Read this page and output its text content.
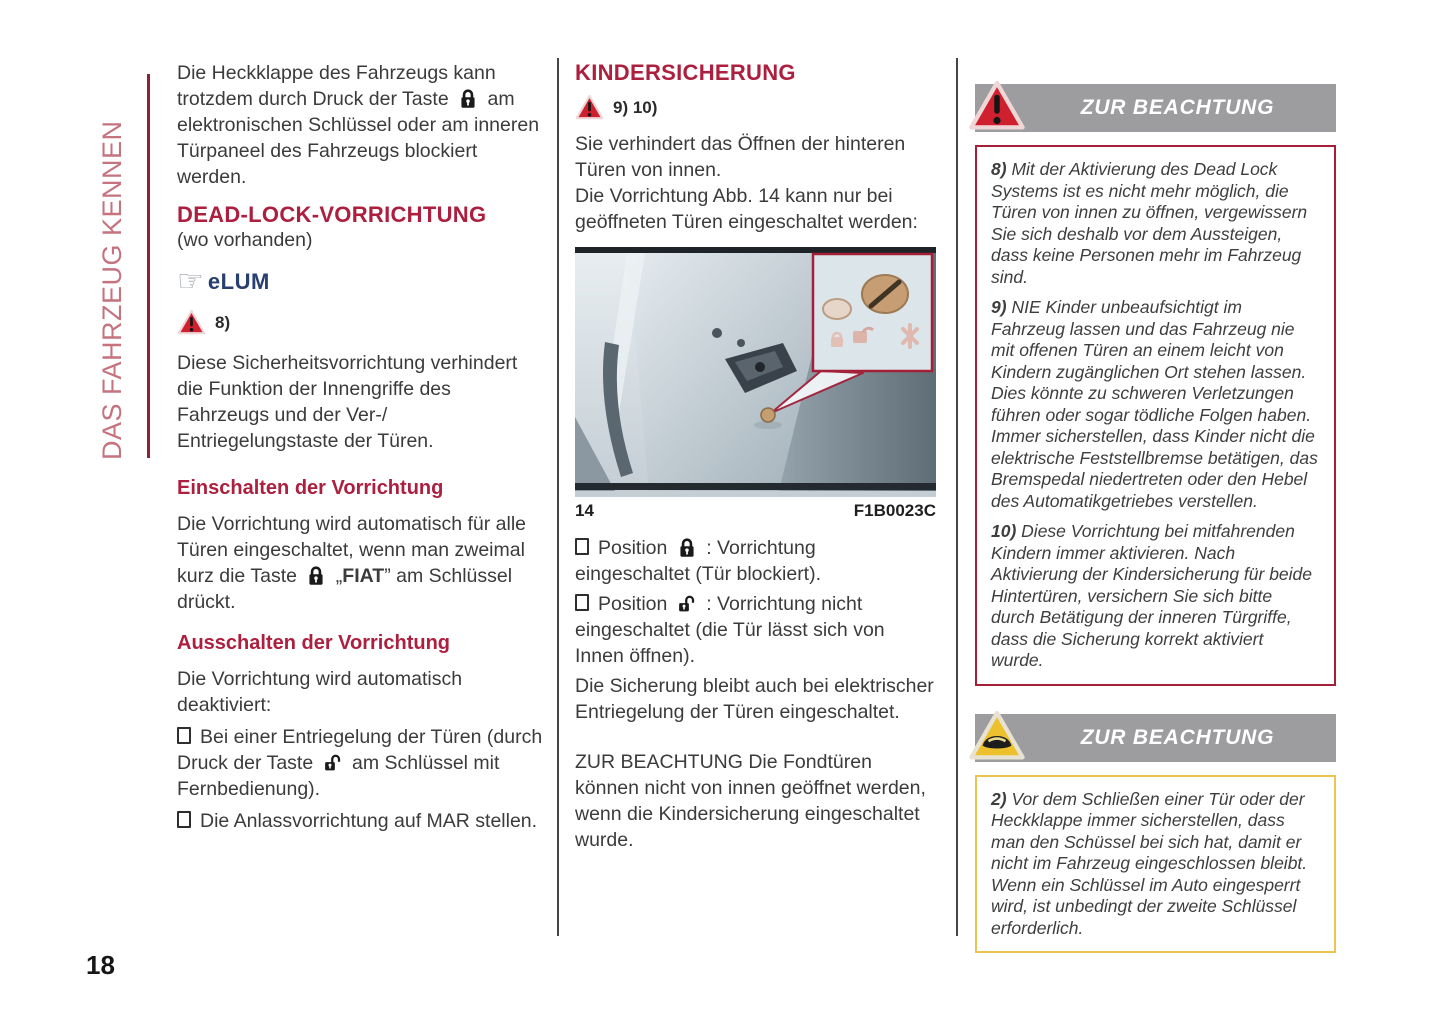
DAS FAHRZEUG KENNEN

Die Heckklappe des Fahrzeugs kann trotzdem durch Druck der Taste am elektronischen Schlüssel oder am inneren Türpaneel des Fahrzeugs blockiert werden.

DEAD-LOCK-VORRICHTUNG

(wo vorhanden)

☞ eLUM
8)

Diese Sicherheitsvorrichtung verhindert die Funktion der Innengriffe des Fahrzeugs und der Ver-/ Entriegelungstaste der Türen.

Einschalten der Vorrichtung

Die Vorrichtung wird automatisch für alle Türen eingeschaltet, wenn man zweimal kurz die Taste „FIAT” am Schlüssel drückt.

Ausschalten der Vorrichtung

Die Vorrichtung wird automatisch deaktiviert:

Bei einer Entriegelung der Türen (durch Druck der Taste am Schlüssel mit Fernbedienung).

Die Anlassvorrichtung auf MAR stellen.

KINDERSICHERUNG
9) 10)

Sie verhindert das Öffnen der hinteren Türen von innen.

Die Vorrichtung Abb. 14 kann nur bei geöffneten Türen eingeschaltet werden:

14	F1B0023C

Position : Vorrichtung eingeschaltet (Tür blockiert).

Position : Vorrichtung nicht eingeschaltet (die Tür lässt sich von Innen öffnen).

Die Sicherung bleibt auch bei elektrischer Entriegelung der Türen eingeschaltet.

ZUR BEACHTUNG Die Fondtüren können nicht von innen geöffnet werden, wenn die Kindersicherung eingeschaltet wurde.

ZUR BEACHTUNG

8) Mit der Aktivierung des Dead Lock Systems ist es nicht mehr möglich, die Türen von innen zu öffnen, vergewissern Sie sich deshalb vor dem Aussteigen, dass keine Personen mehr im Fahrzeug sind.

9) NIE Kinder unbeaufsichtigt im Fahrzeug lassen und das Fahrzeug nie mit offenen Türen an einem leicht von Kindern zugänglichen Ort stehen lassen. Dies könnte zu schweren Verletzungen führen oder sogar tödliche Folgen haben. Immer sicherstellen, dass Kinder nicht die elektrische Feststellbremse betätigen, das Bremspedal niedertreten oder den Hebel des Automatikgetriebes verstellen.

10) Diese Vorrichtung bei mitfahrenden Kindern immer aktivieren. Nach Aktivierung der Kindersicherung für beide Hintertüren, versichern Sie sich bitte durch Betätigung der inneren Türgriffe, dass die Sicherung korrekt aktiviert wurde.

ZUR BEACHTUNG

2) Vor dem Schließen einer Tür oder der Heckklappe immer sicherstellen, dass man den Schüssel bei sich hat, damit er nicht im Fahrzeug eingeschlossen bleibt. Wenn ein Schlüssel im Auto eingesperrt wird, ist unbedingt der zweite Schlüssel erforderlich.

18
